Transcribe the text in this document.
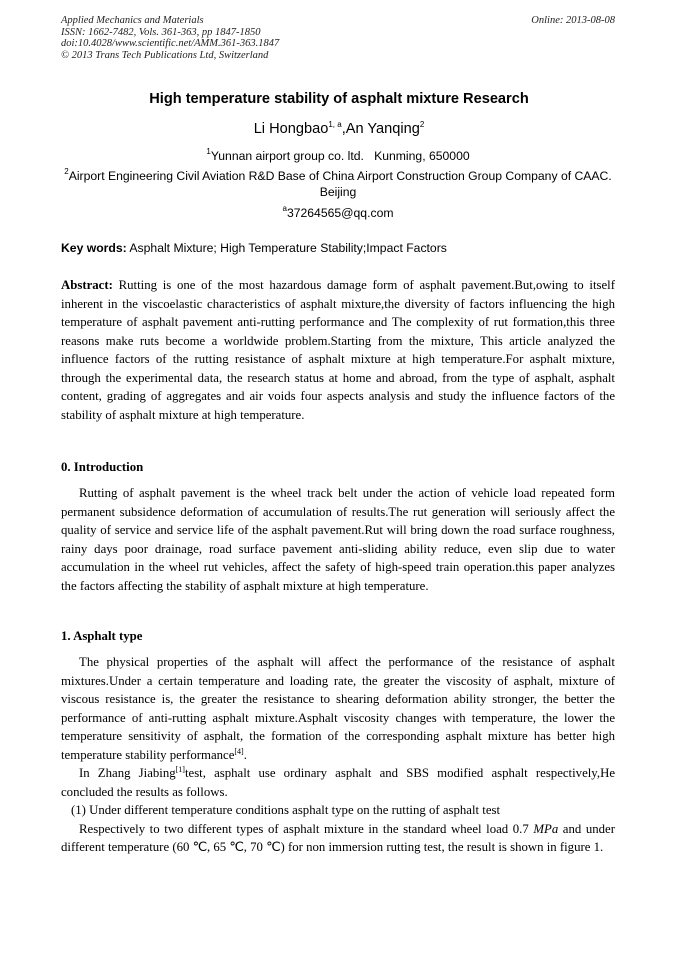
Applied Mechanics and Materials	Online: 2013-08-08
ISSN: 1662-7482, Vols. 361-363, pp 1847-1850
doi:10.4028/www.scientific.net/AMM.361-363.1847
© 2013 Trans Tech Publications Ltd, Switzerland
High temperature stability of asphalt mixture Research
Li Hongbao$^{1, a}$,An Yanqing$^2$
$^1$Yunnan airport group co. ltd.   Kunming, 650000
$^2$Airport Engineering Civil Aviation R&D Base of China Airport Construction Group Company of CAAC.   Beijing
$^a$37264565@qq.com
Key words: Asphalt Mixture; High Temperature Stability;Impact Factors

Abstract: Rutting is one of the most hazardous damage form of asphalt pavement.But,owing to itself inherent in the viscoelastic characteristics of asphalt mixture,the diversity of factors influencing the high temperature of asphalt pavement anti-rutting performance and The complexity of rut formation,this three reasons make ruts become a worldwide problem.Starting from the mixture, This article analyzed the influence factors of the rutting resistance of asphalt mixture at high temperature.For asphalt mixture, through the experimental data, the research status at home and abroad, from the type of asphalt, asphalt content, grading of aggregates and air voids four aspects analysis and study the influence factors of the stability of asphalt mixture at high temperature.

0. Introduction

Rutting of asphalt pavement is the wheel track belt under the action of vehicle load repeated form permanent subsidence deformation of accumulation of results.The rut generation will seriously affect the quality of service and service life of the asphalt pavement.Rut will bring down the road surface roughness, rainy days poor drainage, road surface pavement anti-sliding ability reduce, even slip due to water accumulation in the wheel rut vehicles, affect the safety of high-speed train operation.this paper analyzes the factors affecting the stability of asphalt mixture at high temperature.

1. Asphalt type

The physical properties of the asphalt will affect the performance of the resistance of asphalt mixtures.Under a certain temperature and loading rate, the greater the viscosity of asphalt, mixture of viscous resistance is, the greater the resistance to shearing deformation ability stronger, the better the performance of anti-rutting asphalt mixture.Asphalt viscosity changes with temperature, the lower the temperature sensitivity of asphalt, the formation of the corresponding asphalt mixture has better high temperature stability performance[4].

In Zhang Jiabing[1]test, asphalt use ordinary asphalt and SBS modified asphalt respectively,He concluded the results as follows.

(1) Under different temperature conditions asphalt type on the rutting of asphalt test

Respectively to two different types of asphalt mixture in the standard wheel load 0.7 MPa and under different temperature (60 ℃, 65 ℃, 70 ℃) for non immersion rutting test, the result is shown in figure 1.
